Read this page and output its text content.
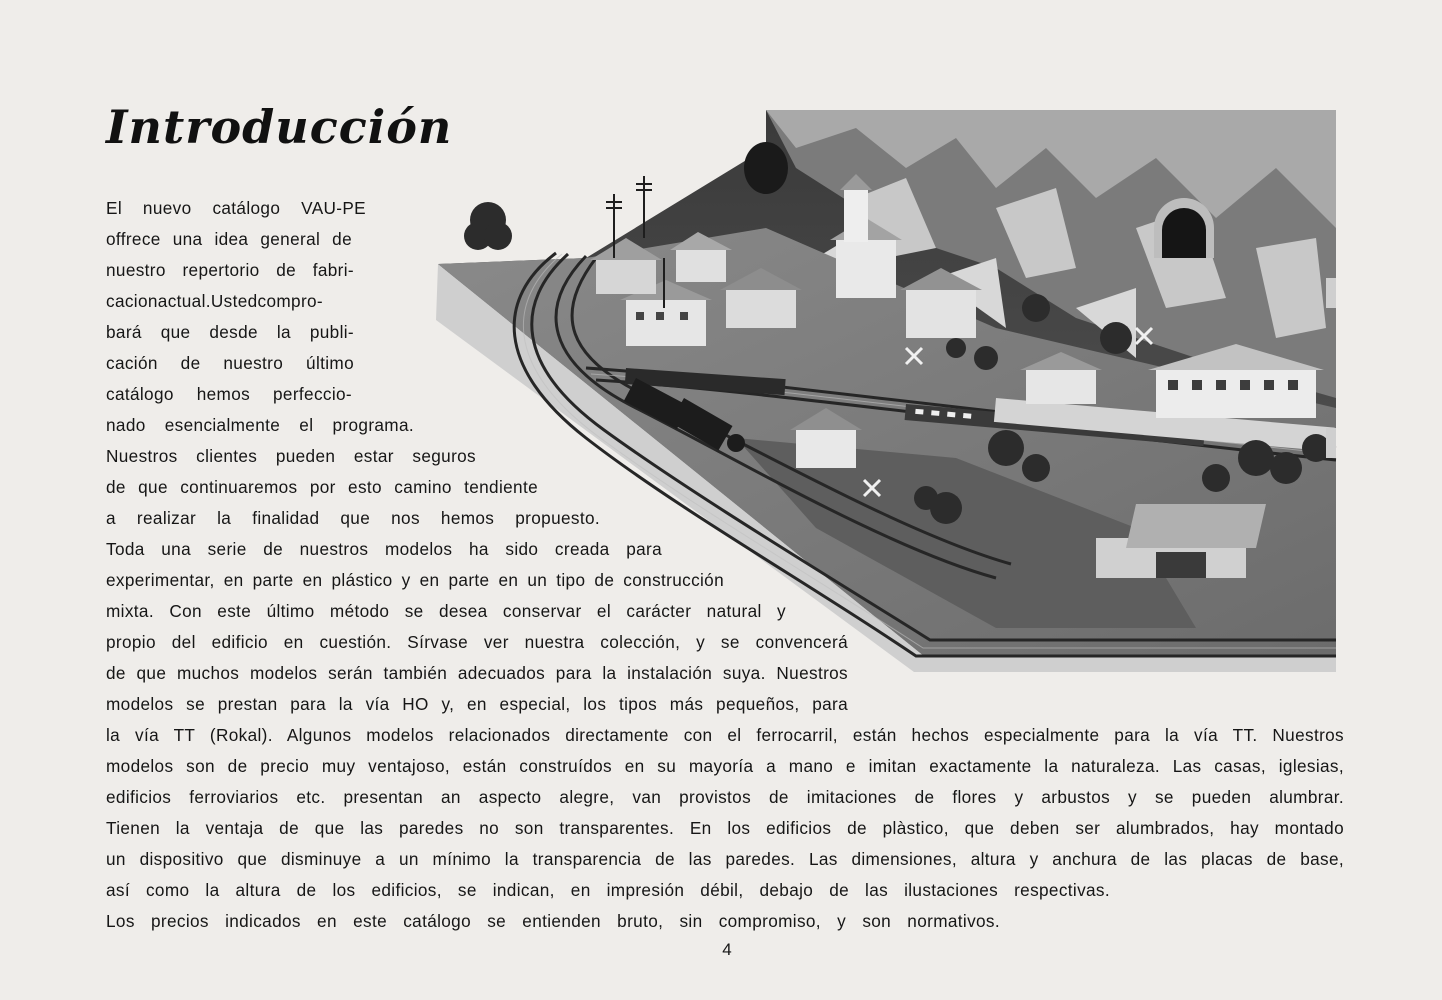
Introducción

El nuevo catálogo VAU-PE

offrece una idea general de

nuestro repertorio de fabri-

cacionactual.Ustedcompro-

bará que desde la publi-

cación de nuestro último

catálogo hemos perfeccio-

nado esencialmente el programa.

Nuestros clientes pueden estar seguros

de que continuaremos por esto camino tendiente

a realizar la finalidad que nos hemos propuesto.

Toda una serie de nuestros modelos ha sido creada para

experimentar, en parte en plástico y en parte en un tipo de construcción

mixta. Con este último método se desea conservar el carácter natural y

propio del edificio en cuestión. Sírvase ver nuestra colección, y se convencerá

de que muchos modelos serán también adecuados para la instalación suya. Nuestros

modelos se prestan para la vía HO y, en especial, los tipos más pequeños, para

la vía TT (Rokal). Algunos modelos relacionados directamente con el ferrocarril, están hechos especialmente para la vía TT. Nuestros

modelos son de precio muy ventajoso, están construídos en su mayoría a mano e imitan exactamente la naturaleza. Las casas, iglesias,

edificios ferroviarios etc. presentan an aspecto alegre, van provistos de imitaciones de flores y arbustos y se pueden alumbrar.

Tienen la ventaja de que las paredes no son transparentes. En los edificios de plàstico, que deben ser alumbrados, hay montado

un dispositivo que disminuye a un mínimo la transparencia de las paredes. Las dimensiones, altura y anchura de las placas de base,

así como la altura de los edificios, se indican, en impresión débil, debajo de las ilustaciones respectivas.

Los precios indicados en este catálogo se entienden bruto, sin compromiso, y son normativos.

4
